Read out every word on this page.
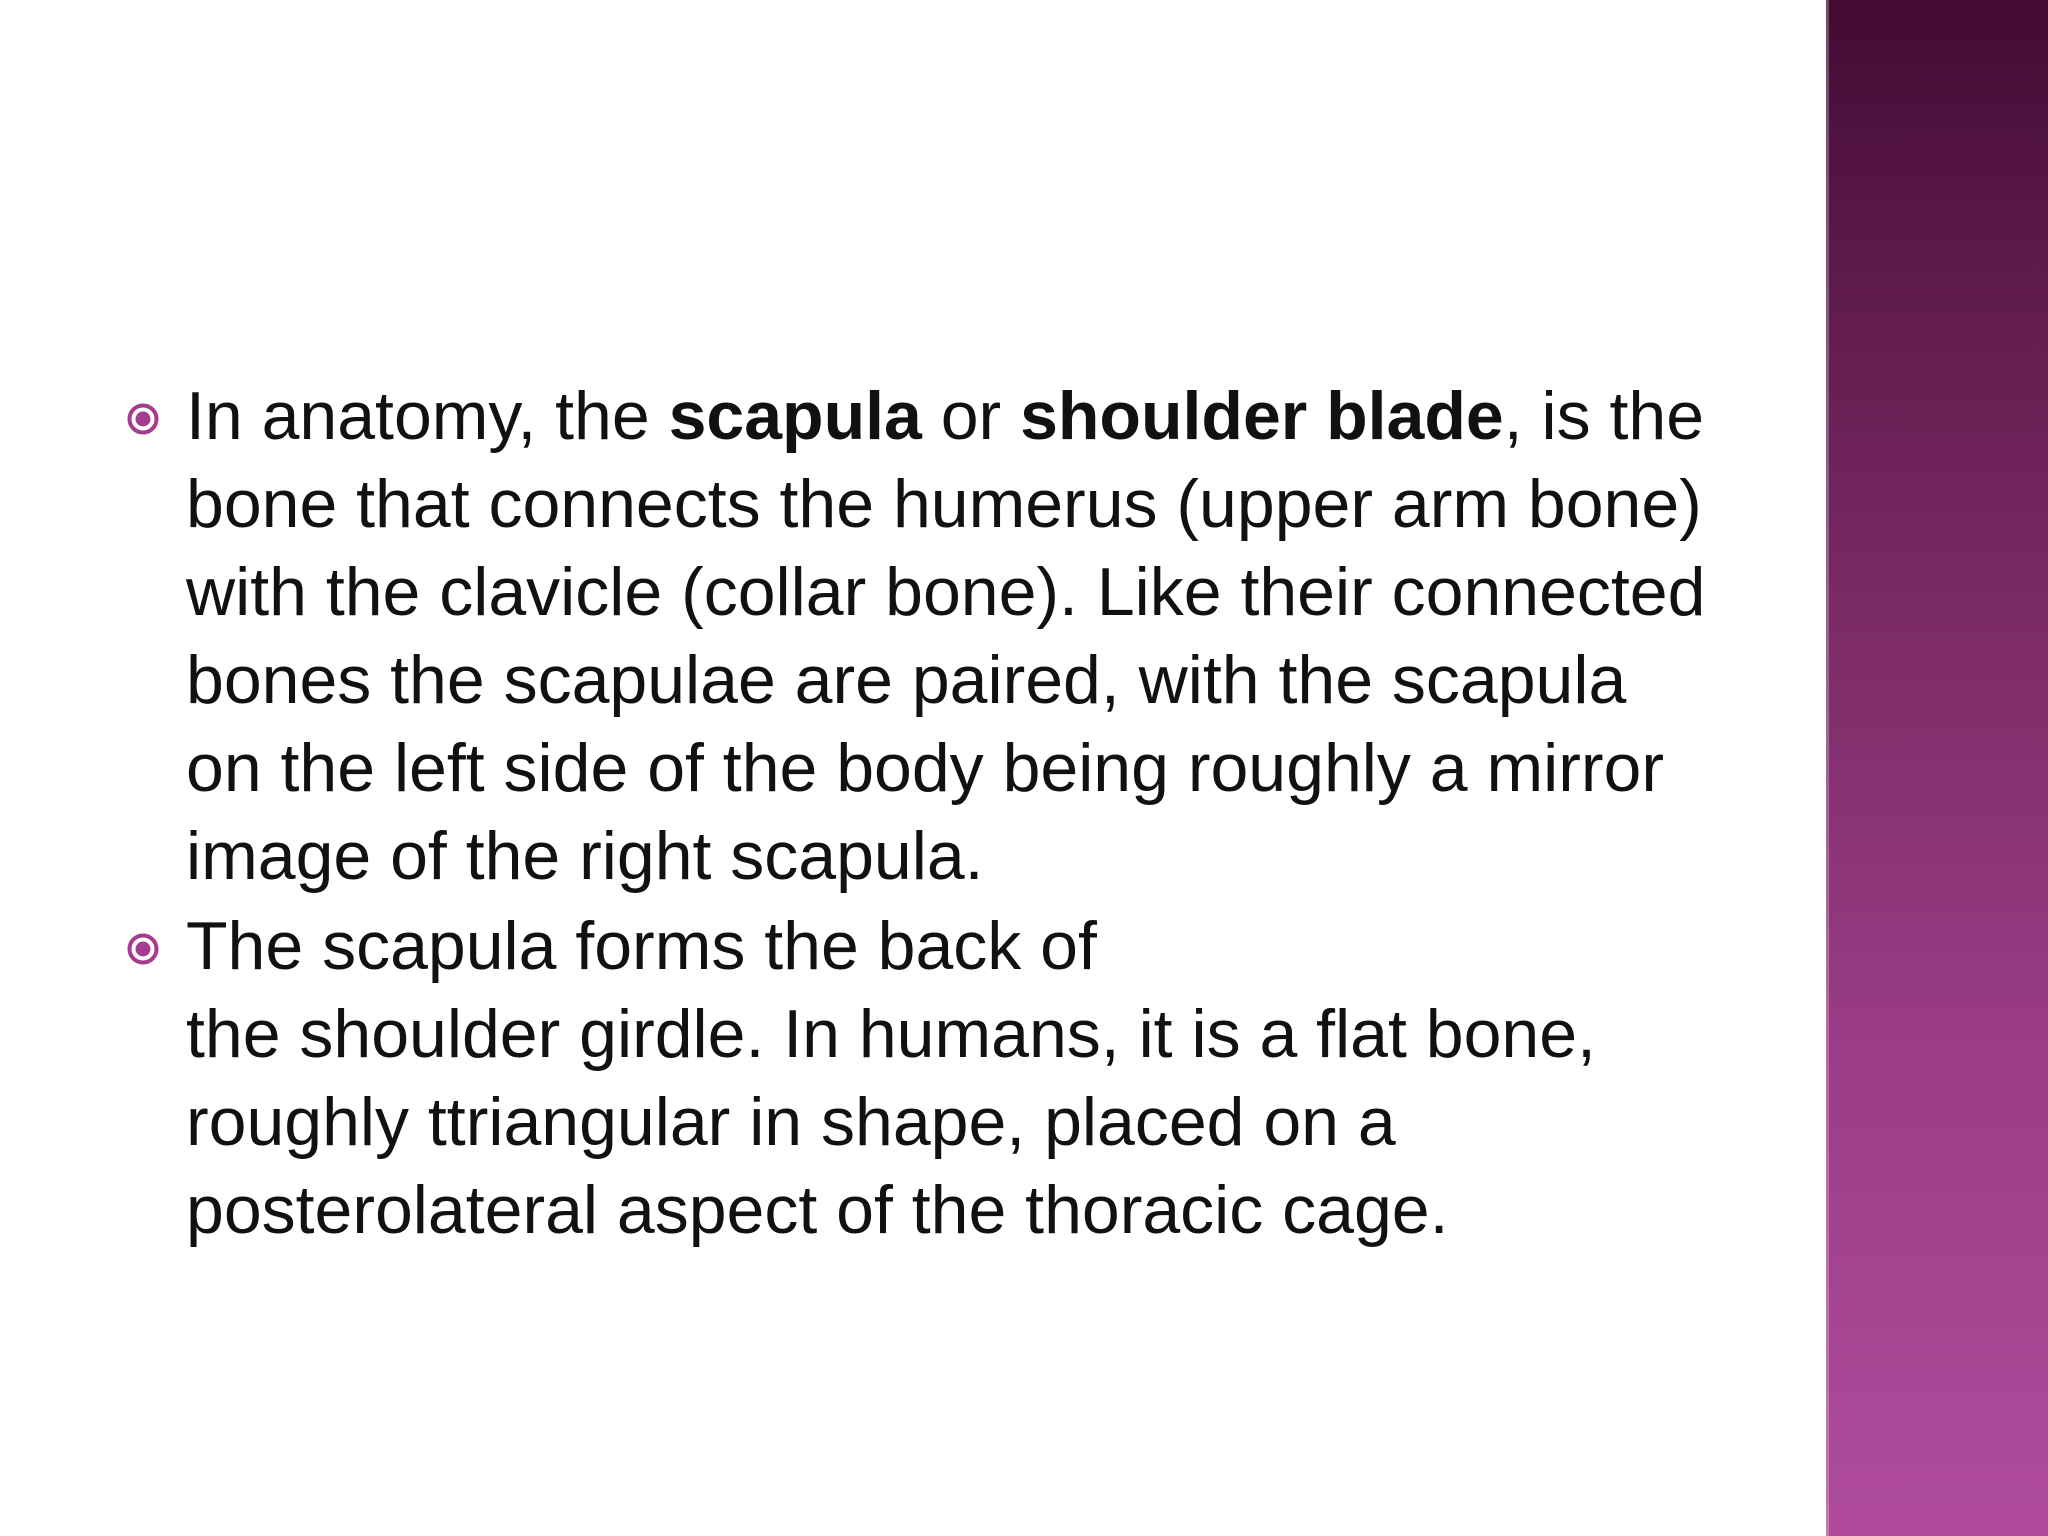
In anatomy, the scapula or shoulder blade, is the bone that connects the humerus (upper arm bone) with the clavicle (collar bone). Like their connected bones the scapulae are paired, with the scapula on the left side of the body being roughly a mirror image of the right scapula.
The scapula forms the back of
the shoulder girdle. In humans, it is a flat bone, roughly ttriangular in shape, placed on a posterolateral aspect of the thoracic cage.
